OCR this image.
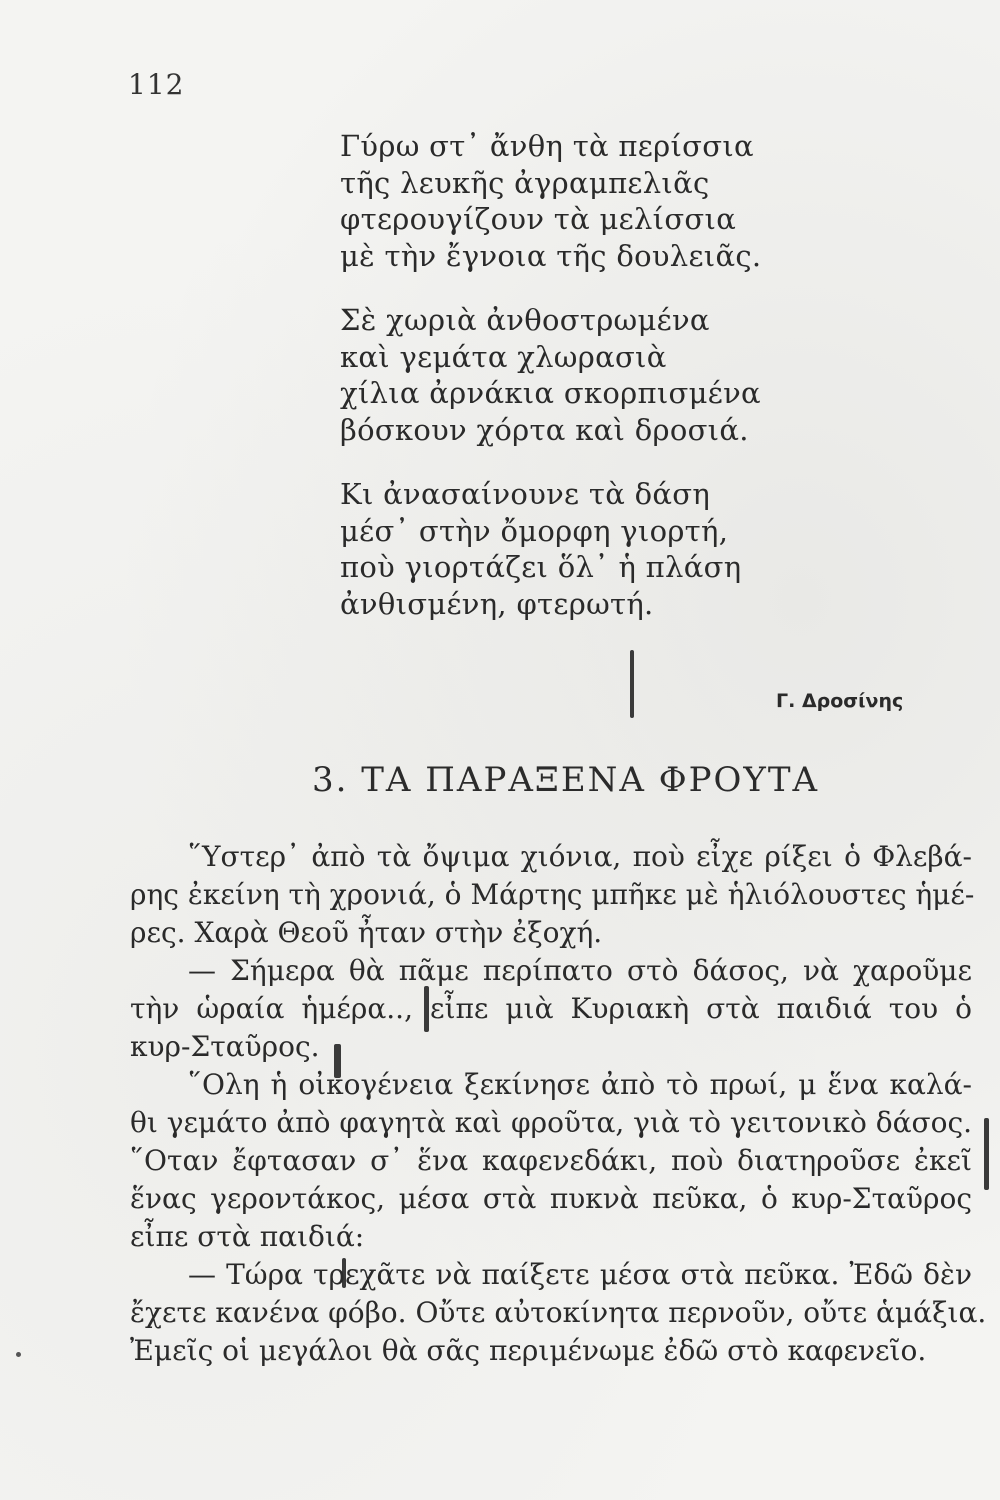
112
Γύρω στ᾽ ἄνθη τὰ περίσσια
τῆς λευκῆς ἀγραμπελιᾶς
φτερουγίζουν τὰ μελίσσια
μὲ τὴν ἔγνοια τῆς δουλειᾶς.
Σὲ χωριὰ ἀνθοστρωμένα
καὶ γεμάτα χλωρασιὰ
χίλια ἀρνάκια σκορπισμένα
βόσκουν χόρτα καὶ δροσιά.
Κι ἀνασαίνουνε τὰ δάση
μέσ᾽ στὴν ὄμορφη γιορτή,
ποὺ γιορτάζει ὅλ᾽ ἡ πλάση
ἀνθισμένη, φτερωτή.
Γ. Δροσίνης
3. ΤΑ ΠΑΡΑΞΕΝΑ ΦΡΟΥΤΑ
῞Υστερ᾽ ἀπὸ τὰ ὄψιμα χιόνια, ποὺ εἶχε ρίξει ὁ Φλεβά-
ρης ἐκείνη τὴ χρονιά, ὁ Μάρτης μπῆκε μὲ ἡλιόλουστες ἡμέ-
ρες. Χαρὰ Θεοῦ ἦταν στὴν ἐξοχή.
— Σήμερα θὰ πᾶμε περίπατο στὸ δάσος, νὰ χαροῦμε
τὴν ὡραία ἡμέρα.., εἶπε μιὰ Κυριακὴ στὰ παιδιά του ὁ
κυρ-Σταῦρος.
῞Ολη ἡ οἰκογένεια ξεκίνησε ἀπὸ τὸ πρωί, μ ἕνα καλά-
θι γεμάτο ἀπὸ φαγητὰ καὶ φροῦτα, γιὰ τὸ γειτονικὸ δάσος.
῞Οταν ἔφτασαν σ᾽ ἕνα καφενεδάκι, ποὺ διατηροῦσε ἐκεῖ
ἕνας γεροντάκος, μέσα στὰ πυκνὰ πεῦκα, ὁ κυρ-Σταῦρος
εἶπε στὰ παιδιά:
— Τώρα τρεχᾶτε νὰ παίξετε μέσα στὰ πεῦκα. Ἐδῶ δὲν
ἔχετε κανένα φόβο. Οὔτε αὐτοκίνητα περνοῦν, οὔτε ἁμάξια.
Ἐμεῖς οἱ μεγάλοι θὰ σᾶς περιμένωμε ἐδῶ στὸ καφενεῖο.
